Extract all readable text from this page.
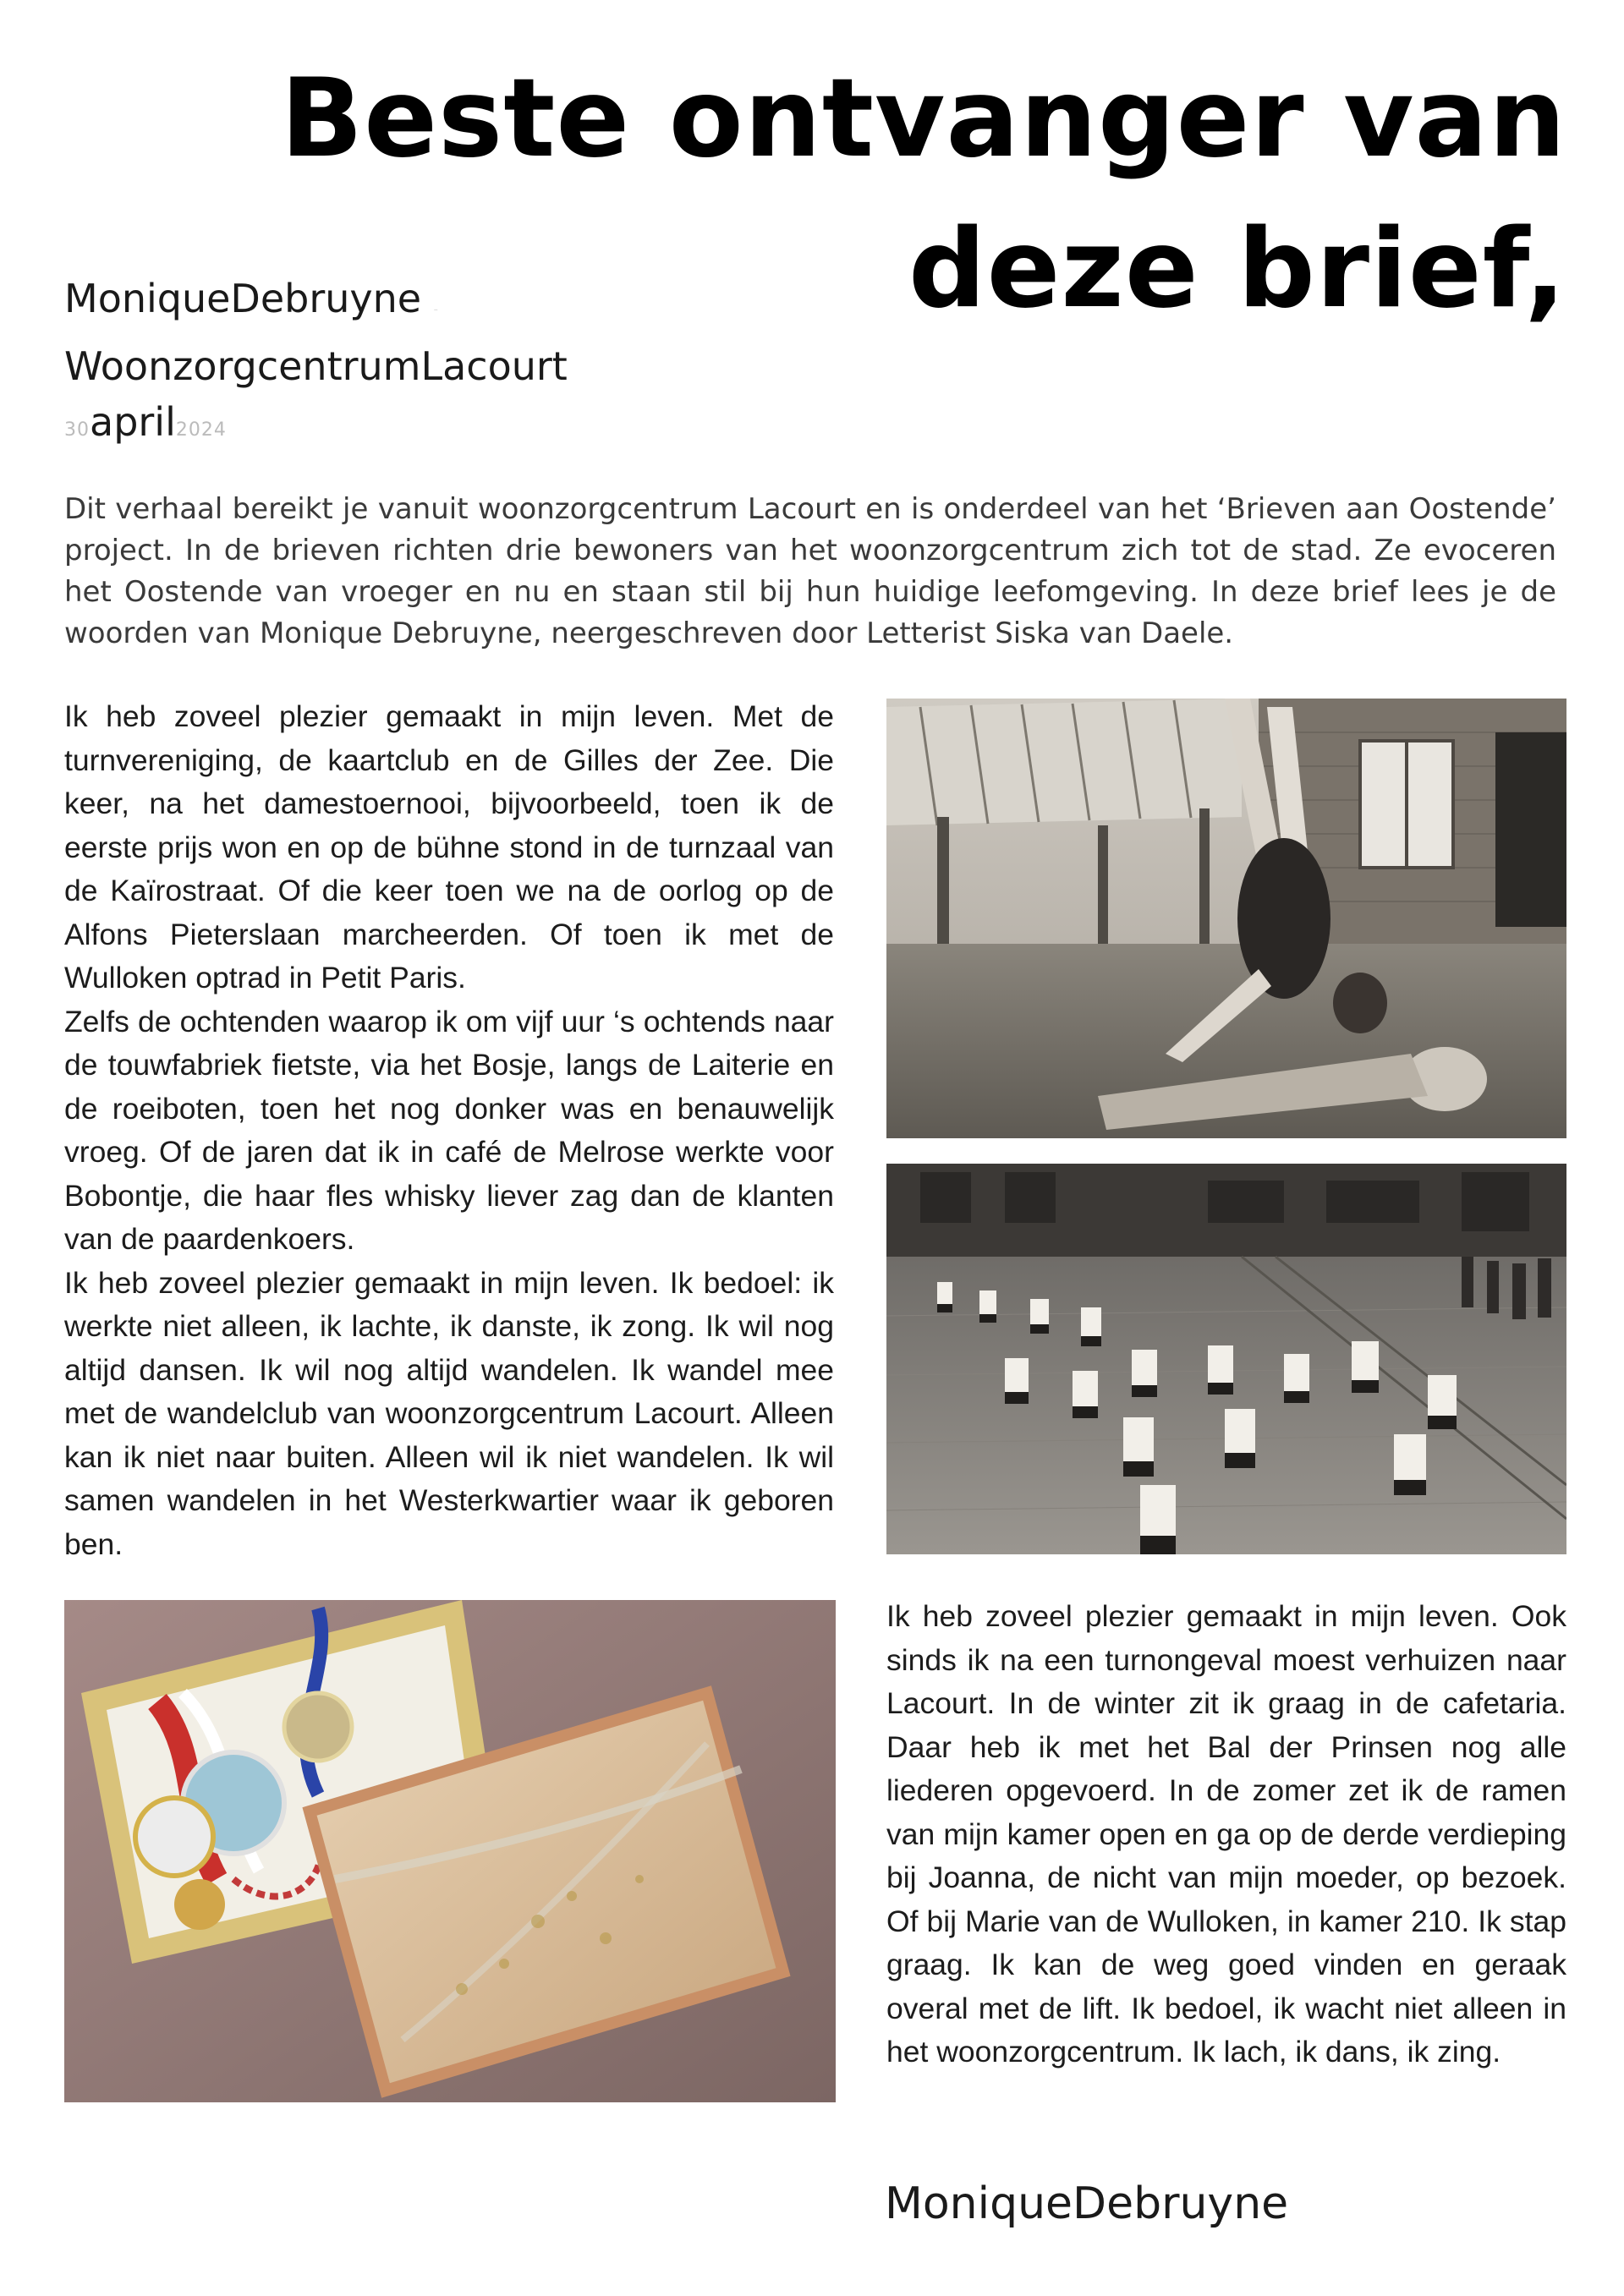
Beste ontvanger van deze brief,
MoniqueDebruyne –
WoonzorgcentrumLacourt
30april2024

Dit verhaal bereikt je vanuit woonzorgcentrum Lacourt en is onderdeel van het ‘Brieven aan Oostende’ project. In de brieven richten drie bewoners van het woonzorgcentrum zich tot de stad. Ze evoceren het Oostende van vroeger en nu en staan stil bij hun huidige leefomgeving. In deze brief lees je de woorden van Monique Debruyne, neergeschreven door Letterist Siska van Daele.

Ik heb zoveel plezier gemaakt in mijn leven. Met de turnvereniging, de kaartclub en de Gilles der Zee. Die keer, na het damestoernooi, bijvoorbeeld, toen ik de eerste prijs won en op de bühne stond in de turnzaal van de Kaïrostraat. Of die keer toen we na de oorlog op de Alfons Pieterslaan marcheerden. Of toen ik met de Wulloken optrad in Petit Paris.

Zelfs de ochtenden waarop ik om vijf uur ‘s ochtends naar de touwfabriek fietste, via het Bosje, langs de Laiterie en de roeiboten, toen het nog donker was en benauwelijk vroeg. Of de jaren dat ik in café de Melrose werkte voor Bobontje, die haar fles whisky liever zag dan de klanten van de paardenkoers.

Ik heb zoveel plezier gemaakt in mijn leven. Ik bedoel: ik werkte niet alleen, ik lachte, ik danste, ik zong. Ik wil nog altijd dansen. Ik wil nog altijd wandelen. Ik wandel mee met de wandelclub van woonzorgcentrum Lacourt. Alleen kan ik niet naar buiten. Alleen wil ik niet wandelen. Ik wil samen wandelen in het Westerkwartier waar ik geboren ben.

Ik heb zoveel plezier gemaakt in mijn leven. Ook sinds ik na een turnongeval moest verhuizen naar Lacourt. In de winter zit ik graag in de cafetaria. Daar heb ik met het Bal der Prinsen nog alle liederen opgevoerd. In de zomer zet ik de ramen van mijn kamer open en ga op de derde verdieping bij Joanna, de nicht van mijn moeder, op bezoek. Of bij Marie van de Wulloken, in kamer 210. Ik stap graag. Ik kan de weg goed vinden en geraak overal met de lift. Ik bedoel, ik wacht niet alleen in het woonzorgcentrum. Ik lach, ik dans, ik zing.

MoniqueDebruyne
